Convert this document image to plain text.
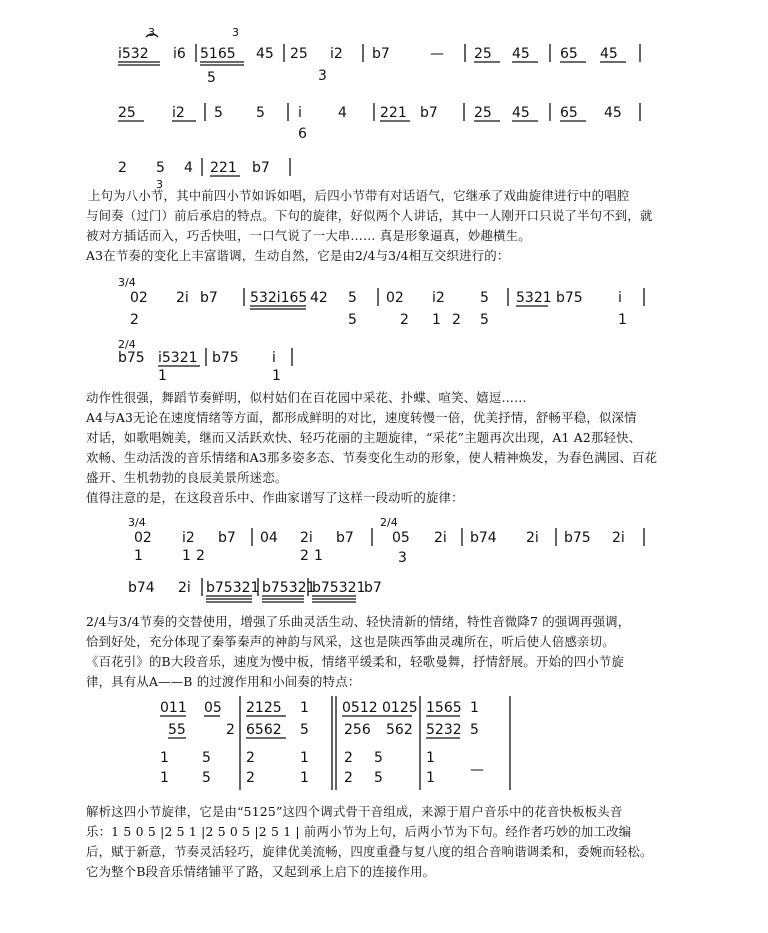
i532
3
i6 5165
3
45 25 i2 b7	— 25 45 65 45
5	3
25	i2 5 5 i	4 221 b7	25 45 65 45
6
2 5 4 221 b7
3
上句为八小节，其中前四小节如诉如唱，后四小节带有对话语气，它继承了戏曲旋律进行中的唱腔
与间奏（过门）前后承启的特点。下句的旋律，好似两个人讲话，其中一人刚开口只说了半句不到，就
被对方插话而入，巧舌快咀，一口气说了一大串…… 真是形象逼真，妙趣横生。
A3在节奏的变化上丰富谐调，生动自然，它是由2/4与3/4相互交织进行的：
3/4
02 2i b7 532i165 42 5 02 i2	5 5321 b75	i
2	5	2 1 2 5	1
2/4
b75 i5321 b75 i
1	1
动作性很强，舞蹈节奏鲜明，似村姑们在百花园中采花、扑蝶、喧笑、嬉逗……
A4与A3无论在速度情绪等方面，都形成鲜明的对比，速度转慢一倍，优美抒情，舒畅平稳，似深情
对话，如歌唱婉美，继而又活跃欢快、轻巧花丽的主题旋律，“采花”主题再次出现，A1 A2那轻快、
欢畅、生动活泼的音乐情绪和A3那多姿多态、节奏变化生动的形象，使人精神焕发，为春色满园、百花
盛开、生机勃勃的良辰美景所迷恋。
值得注意的是，在这段音乐中、作曲家谱写了这样一段动听的旋律：
3/4
02 i2 b7 04 2i b7
2/4
05 2i b74 2i b75 2i
1	1 2	2 1	3
b74 2i b75321 b75321
b75321
b7
2/4与3/4节奏的交替使用，增强了乐曲灵活生动、轻快清新的情绪，特性音微降7 的强调再强调，
恰到好处，充分体现了秦筝秦声的神韵与风采，这也是陕西筝曲灵魂所在，听后使人倍感亲切。
《百花引》的B大段音乐，速度为慢中板，情绪平缓柔和，轻歌曼舞，抒情舒展。开始的四小节旋
律，具有从A——B 的过渡作用和小间奏的特点：
011 05 2125 1 0512 0125 1565 1
55	2 6562 5	256 562 5232 5
1 5	2	1	2 5	1
1 5	2	1	2 5	1	—
解析这四小节旋律，它是由“5125”这四个调式骨干音组成，来源于眉户音乐中的花音快板板头音
乐：1 5 0 5 |2 5 1 |2 5 0 5 |2 5 1 | 前两小节为上句，后两小节为下句。经作者巧妙的加工改编
后，赋于新意，节奏灵活轻巧，旋律优美流畅，四度重叠与复八度的组合音响谐调柔和，委婉而轻松。
它为整个B段音乐情绪铺平了路，又起到承上启下的连接作用。
